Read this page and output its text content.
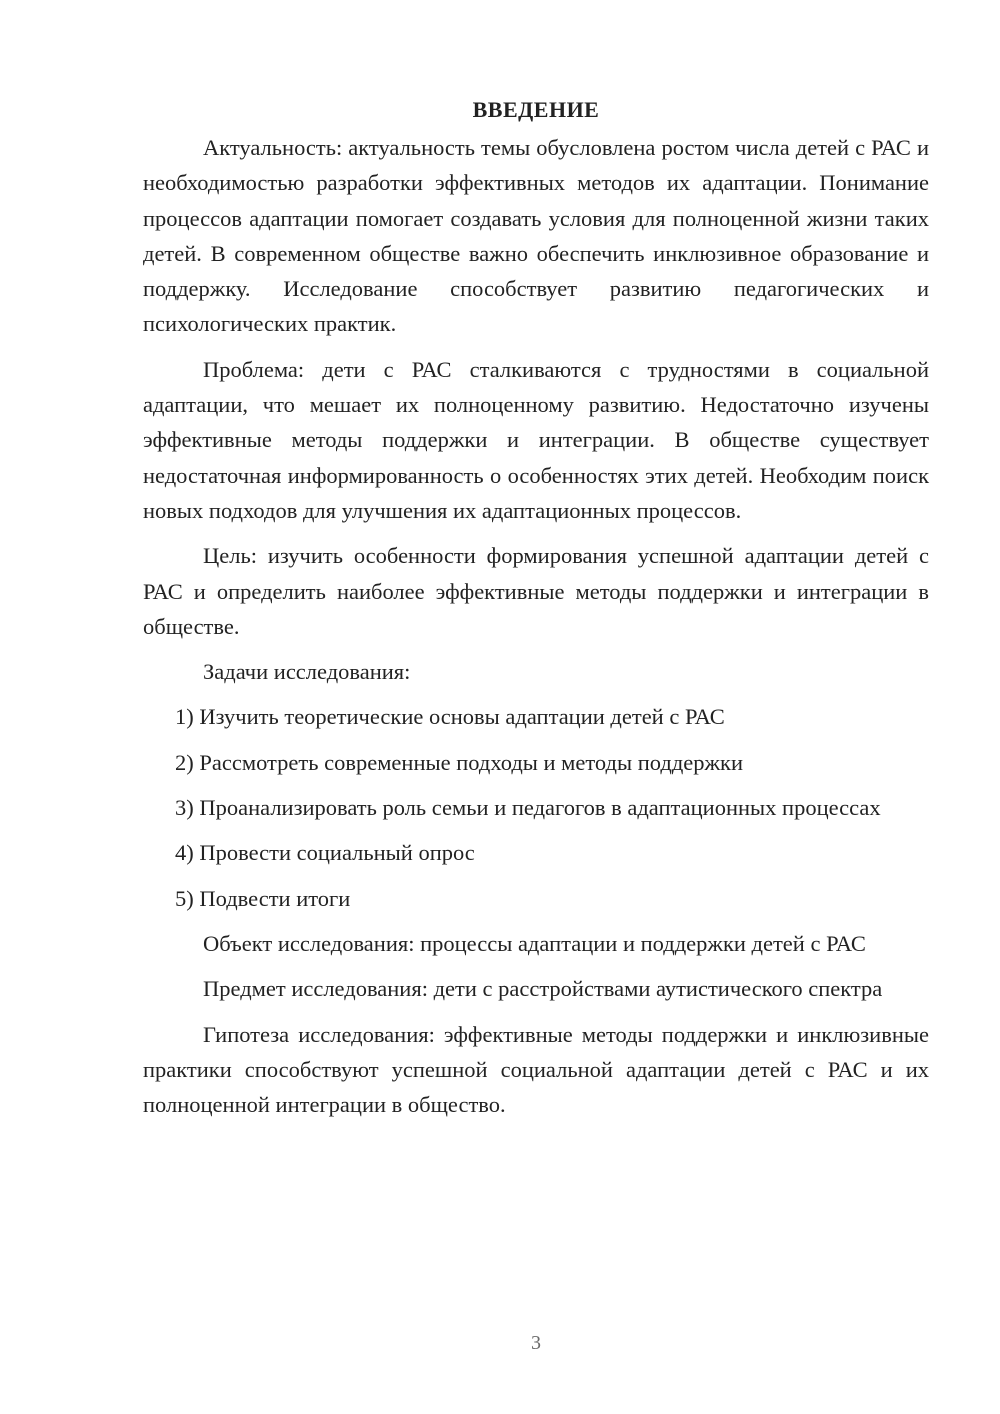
ВВЕДЕНИЕ

Актуальность: актуальность темы обусловлена ростом числа детей с РАС и необходимостью разработки эффективных методов их адаптации. Понимание процессов адаптации помогает создавать условия для полноценной жизни таких детей. В современном обществе важно обеспечить инклюзивное образование и поддержку. Исследование способствует развитию педагогических и психологических практик.

Проблема: дети с РАС сталкиваются с трудностями в социальной адаптации, что мешает их полноценному развитию. Недостаточно изучены эффективные методы поддержки и интеграции. В обществе существует недостаточная информированность о особенностях этих детей. Необходим поиск новых подходов для улучшения их адаптационных процессов.

Цель: изучить особенности формирования успешной адаптации детей с РАС и определить наиболее эффективные методы поддержки и интеграции в обществе.

Задачи исследования:

1) Изучить теоретические основы адаптации детей с РАС

2) Рассмотреть современные подходы и методы поддержки

3) Проанализировать роль семьи и педагогов в адаптационных процессах

4) Провести социальный опрос

5) Подвести итоги

Объект исследования: процессы адаптации и поддержки детей с РАС

Предмет исследования: дети с расстройствами аутистического спектра

Гипотеза исследования: эффективные методы поддержки и инклюзивные практики способствуют успешной социальной адаптации детей с РАС и их полноценной интеграции в общество.

3
